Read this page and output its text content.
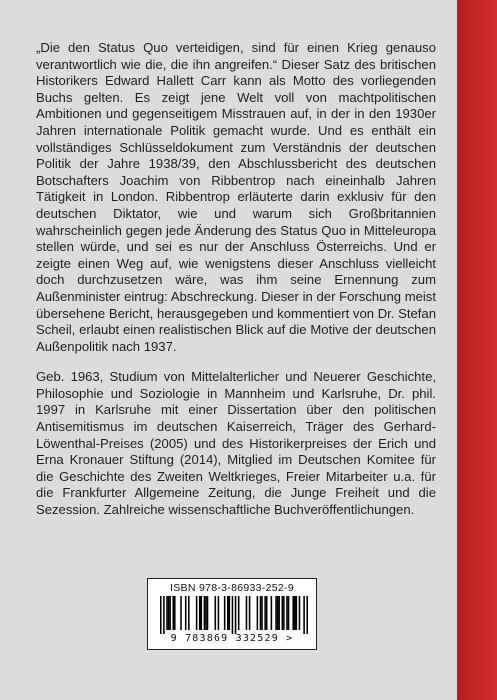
„Die den Status Quo verteidigen, sind für einen Krieg genauso verantwortlich wie die, die ihn angreifen.“ Dieser Satz des britischen Historikers Edward Hallett Carr kann als Motto des vorliegenden Buchs gelten. Es zeigt jene Welt voll von machtpolitischen Ambitionen und gegenseitigem Misstrauen auf, in der in den 1930er Jahren internationale Politik gemacht wurde. Und es enthält ein vollständiges Schlüsseldokument zum Verständnis der deutschen Politik der Jahre 1938/39, den Abschlussbericht des deutschen Botschafters Joachim von Ribbentrop nach eineinhalb Jahren Tätigkeit in London. Ribbentrop erläuterte darin exklusiv für den deutschen Diktator, wie und warum sich Großbritannien wahrscheinlich gegen jede Änderung des Status Quo in Mitteleuropa stellen würde, und sei es nur der Anschluss Österreichs. Und er zeigte einen Weg auf, wie wenigstens dieser Anschluss vielleicht doch durchzusetzen wäre, was ihm seine Ernennung zum Außenminister eintrug: Abschreckung. Dieser in der Forschung meist übersehene Bericht, herausgegeben und kommentiert von Dr. Stefan Scheil, erlaubt einen realistischen Blick auf die Motive der deutschen Außenpolitik nach 1937.

Geb. 1963, Studium von Mittelalterlicher und Neuerer Geschichte, Philosophie und Soziologie in Mannheim und Karlsruhe, Dr. phil. 1997 in Karlsruhe mit einer Dissertation über den politischen Antisemitismus im deutschen Kaiserreich, Träger des Gerhard-Löwenthal-Preises (2005) und des Historikerpreises der Erich und Erna Kronauer Stiftung (2014), Mitglied im Deutschen Komitee für die Geschichte des Zweiten Weltkrieges, Freier Mitarbeiter u.a. für die Frankfurter Allgemeine Zeitung, die Junge Freiheit und die Sezession. Zahlreiche wissenschaftliche Buchveröffentlichungen.

ISBN 978-3-86933-252-9
9 783869 332529 >
